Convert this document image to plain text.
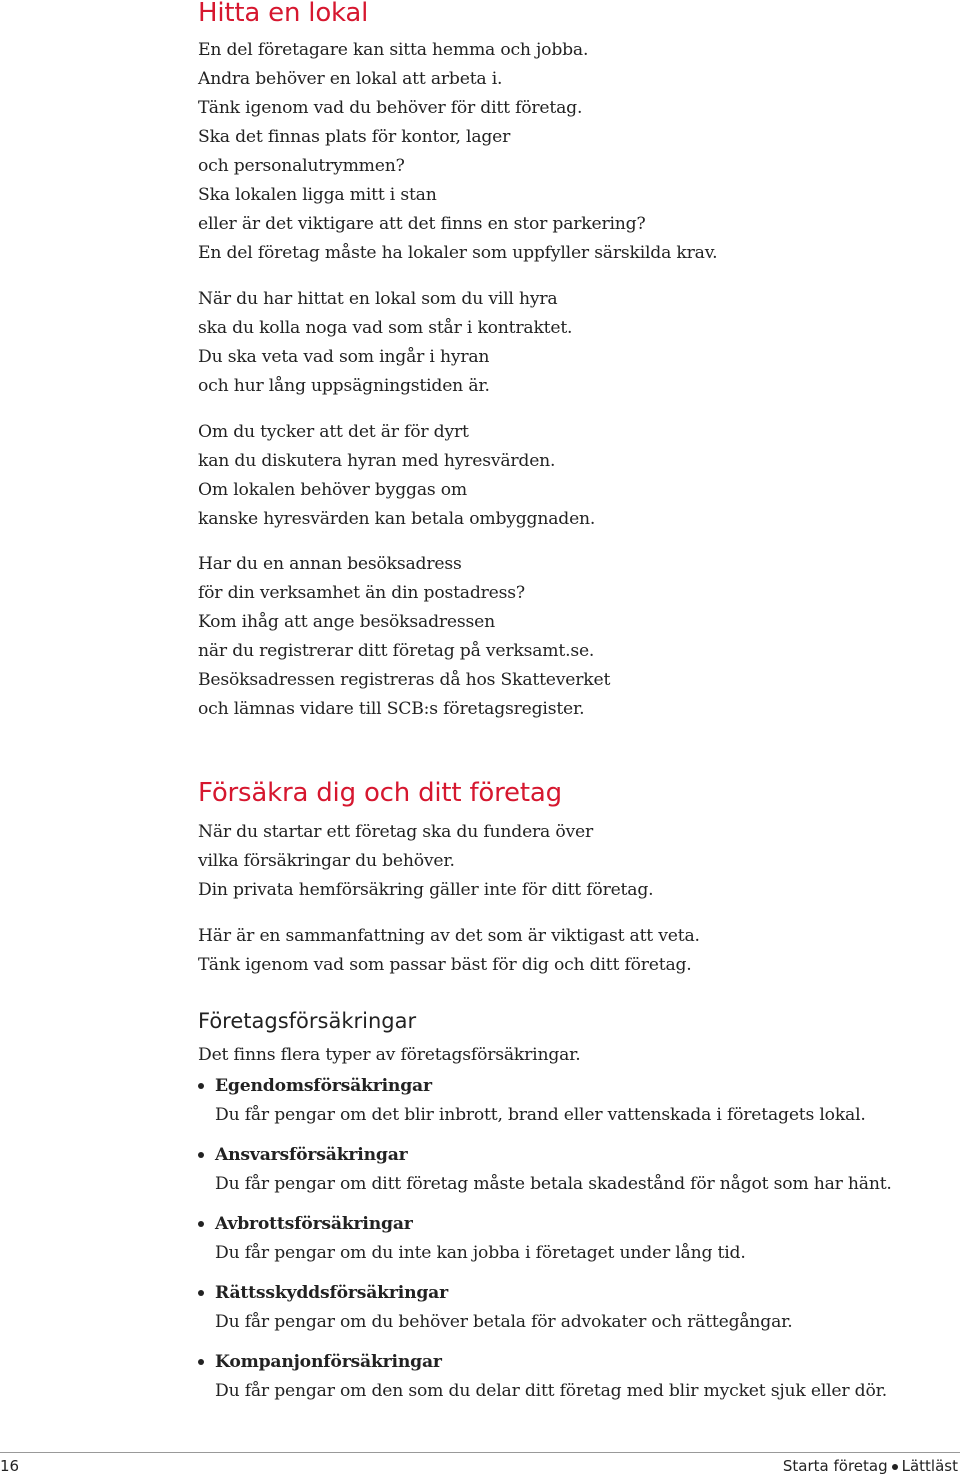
Hitta en lokal

En del företagare kan sitta hemma och jobba.
Andra behöver en lokal att arbeta i.
Tänk igenom vad du behöver för ditt företag.
Ska det finnas plats för kontor, lager
och personalutrymmen?
Ska lokalen ligga mitt i stan
eller är det viktigare att det finns en stor parkering?
En del företag måste ha lokaler som uppfyller särskilda krav.

När du har hittat en lokal som du vill hyra
ska du kolla noga vad som står i kontraktet.
Du ska veta vad som ingår i hyran
och hur lång uppsägningstiden är.

Om du tycker att det är för dyrt
kan du diskutera hyran med hyresvärden.
Om lokalen behöver byggas om
kanske hyresvärden kan betala ombyggnaden.

Har du en annan besöksadress
för din verksamhet än din postadress?
Kom ihåg att ange besöksadressen
när du registrerar ditt företag på verksamt.se.
Besöksadressen registreras då hos Skatteverket
och lämnas vidare till SCB:s företagsregister.

Försäkra dig och ditt företag

När du startar ett företag ska du fundera över
vilka försäkringar du behöver.
Din privata hemförsäkring gäller inte för ditt företag.

Här är en sammanfattning av det som är viktigast att veta.
Tänk igenom vad som passar bäst för dig och ditt företag.

Företagsförsäkringar

Det finns flera typer av företagsförsäkringar.

Egendomsförsäkringar
Du får pengar om det blir inbrott, brand eller vattenskada i företagets lokal.
Ansvarsförsäkringar
Du får pengar om ditt företag måste betala skadestånd för något som har hänt.
Avbrottsförsäkringar
Du får pengar om du inte kan jobba i företaget under lång tid.
Rättsskyddsförsäkringar
Du får pengar om du behöver betala för advokater och rättegångar.
Kompanjonförsäkringar
Du får pengar om den som du delar ditt företag med blir mycket sjuk eller dör.
16	Starta företag Lättläst
